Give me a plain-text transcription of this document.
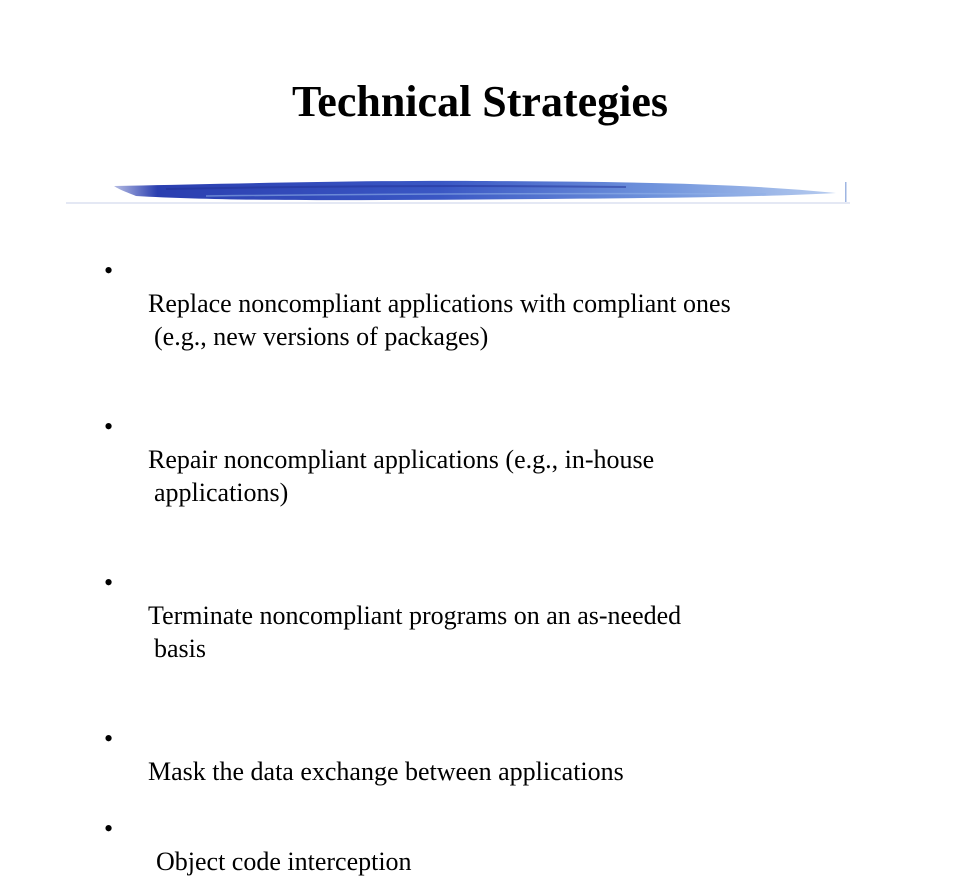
Technical Strategies
•

Replace noncompliant applications with compliant ones

(e.g., new versions of packages)

•

Repair noncompliant applications (e.g., in-house

applications)

•

Terminate noncompliant programs on an as-needed

basis

•

Mask the data exchange between applications

•

Object code interception
